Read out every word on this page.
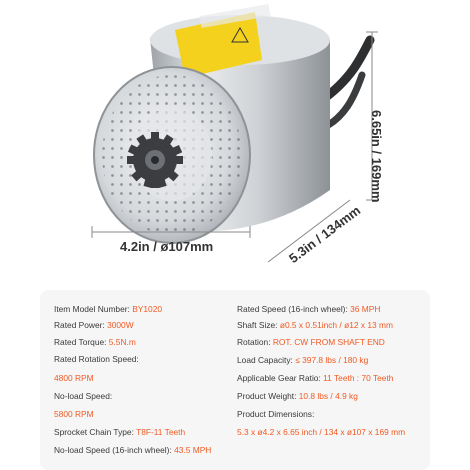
6.65in / 169mm
4.2in / ø107mm	5.3in / 134mm
Item Model Number: BY1020
Rated Power: 3000W
Rated Torque: 5.5N.m
Rated Rotation Speed:
4800 RPM
No-load Speed:
5800 RPM
Sprocket Chain Type: T8F-11 Teeth
No-load Speed (16-inch wheel): 43.5 MPH
Rated Speed (16-inch wheel): 36 MPH
Shaft Size: ø0.5 x 0.51inch / ø12 x 13 mm
Rotation: ROT. CW FROM SHAFT END
Load Capacity: ≤ 397.8 lbs / 180 kg
Applicable Gear Ratio: 11 Teeth : 70 Teeth
Product Weight: 10.8 lbs / 4.9 kg
Product Dimensions:
5.3 x ø4.2 x 6.65 inch / 134 x ø107 x 169 mm
